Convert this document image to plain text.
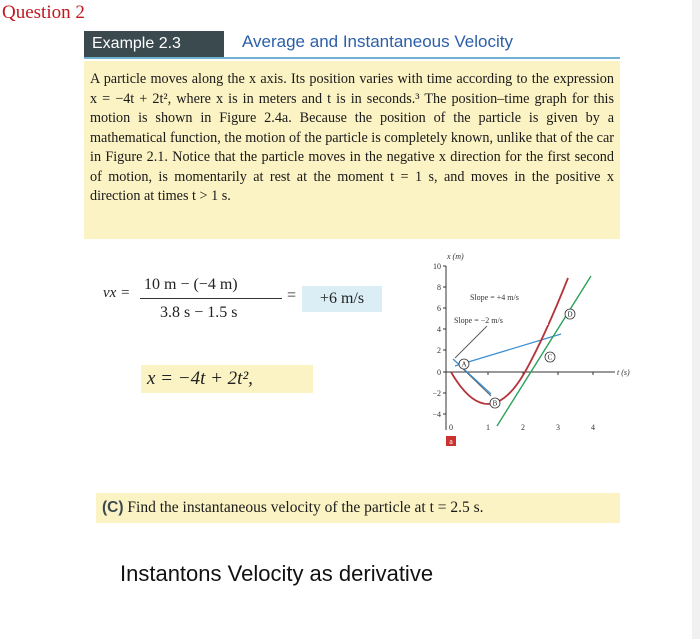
Question 2
Example 2.3	Average and Instantaneous Velocity
A particle moves along the x axis. Its position varies with time according to the expression x = −4t + 2t², where x is in meters and t is in seconds.³ The position–time graph for this motion is shown in Figure 2.4a. Because the position of the particle is given by a mathematical function, the motion of the particle is completely known, unlike that of the car in Figure 2.1. Notice that the particle moves in the negative x direction for the first second of motion, is momentarily at rest at the moment t = 1 s, and moves in the positive x direction at times t > 1 s.
vx = 10 m − (−4 m)
3.8 s − 1.5 s
=	+6 m/s
x = −4t + 2t²,
x (m)
t (s)
10
8
6
4
2
0
−2
−4
0	1	2	3	4
Slope = +4 m/s
Slope = −2 m/s
A
B
C
D
a
(C) Find the instantaneous velocity of the particle at t = 2.5 s.
Instantons Velocity as derivative
